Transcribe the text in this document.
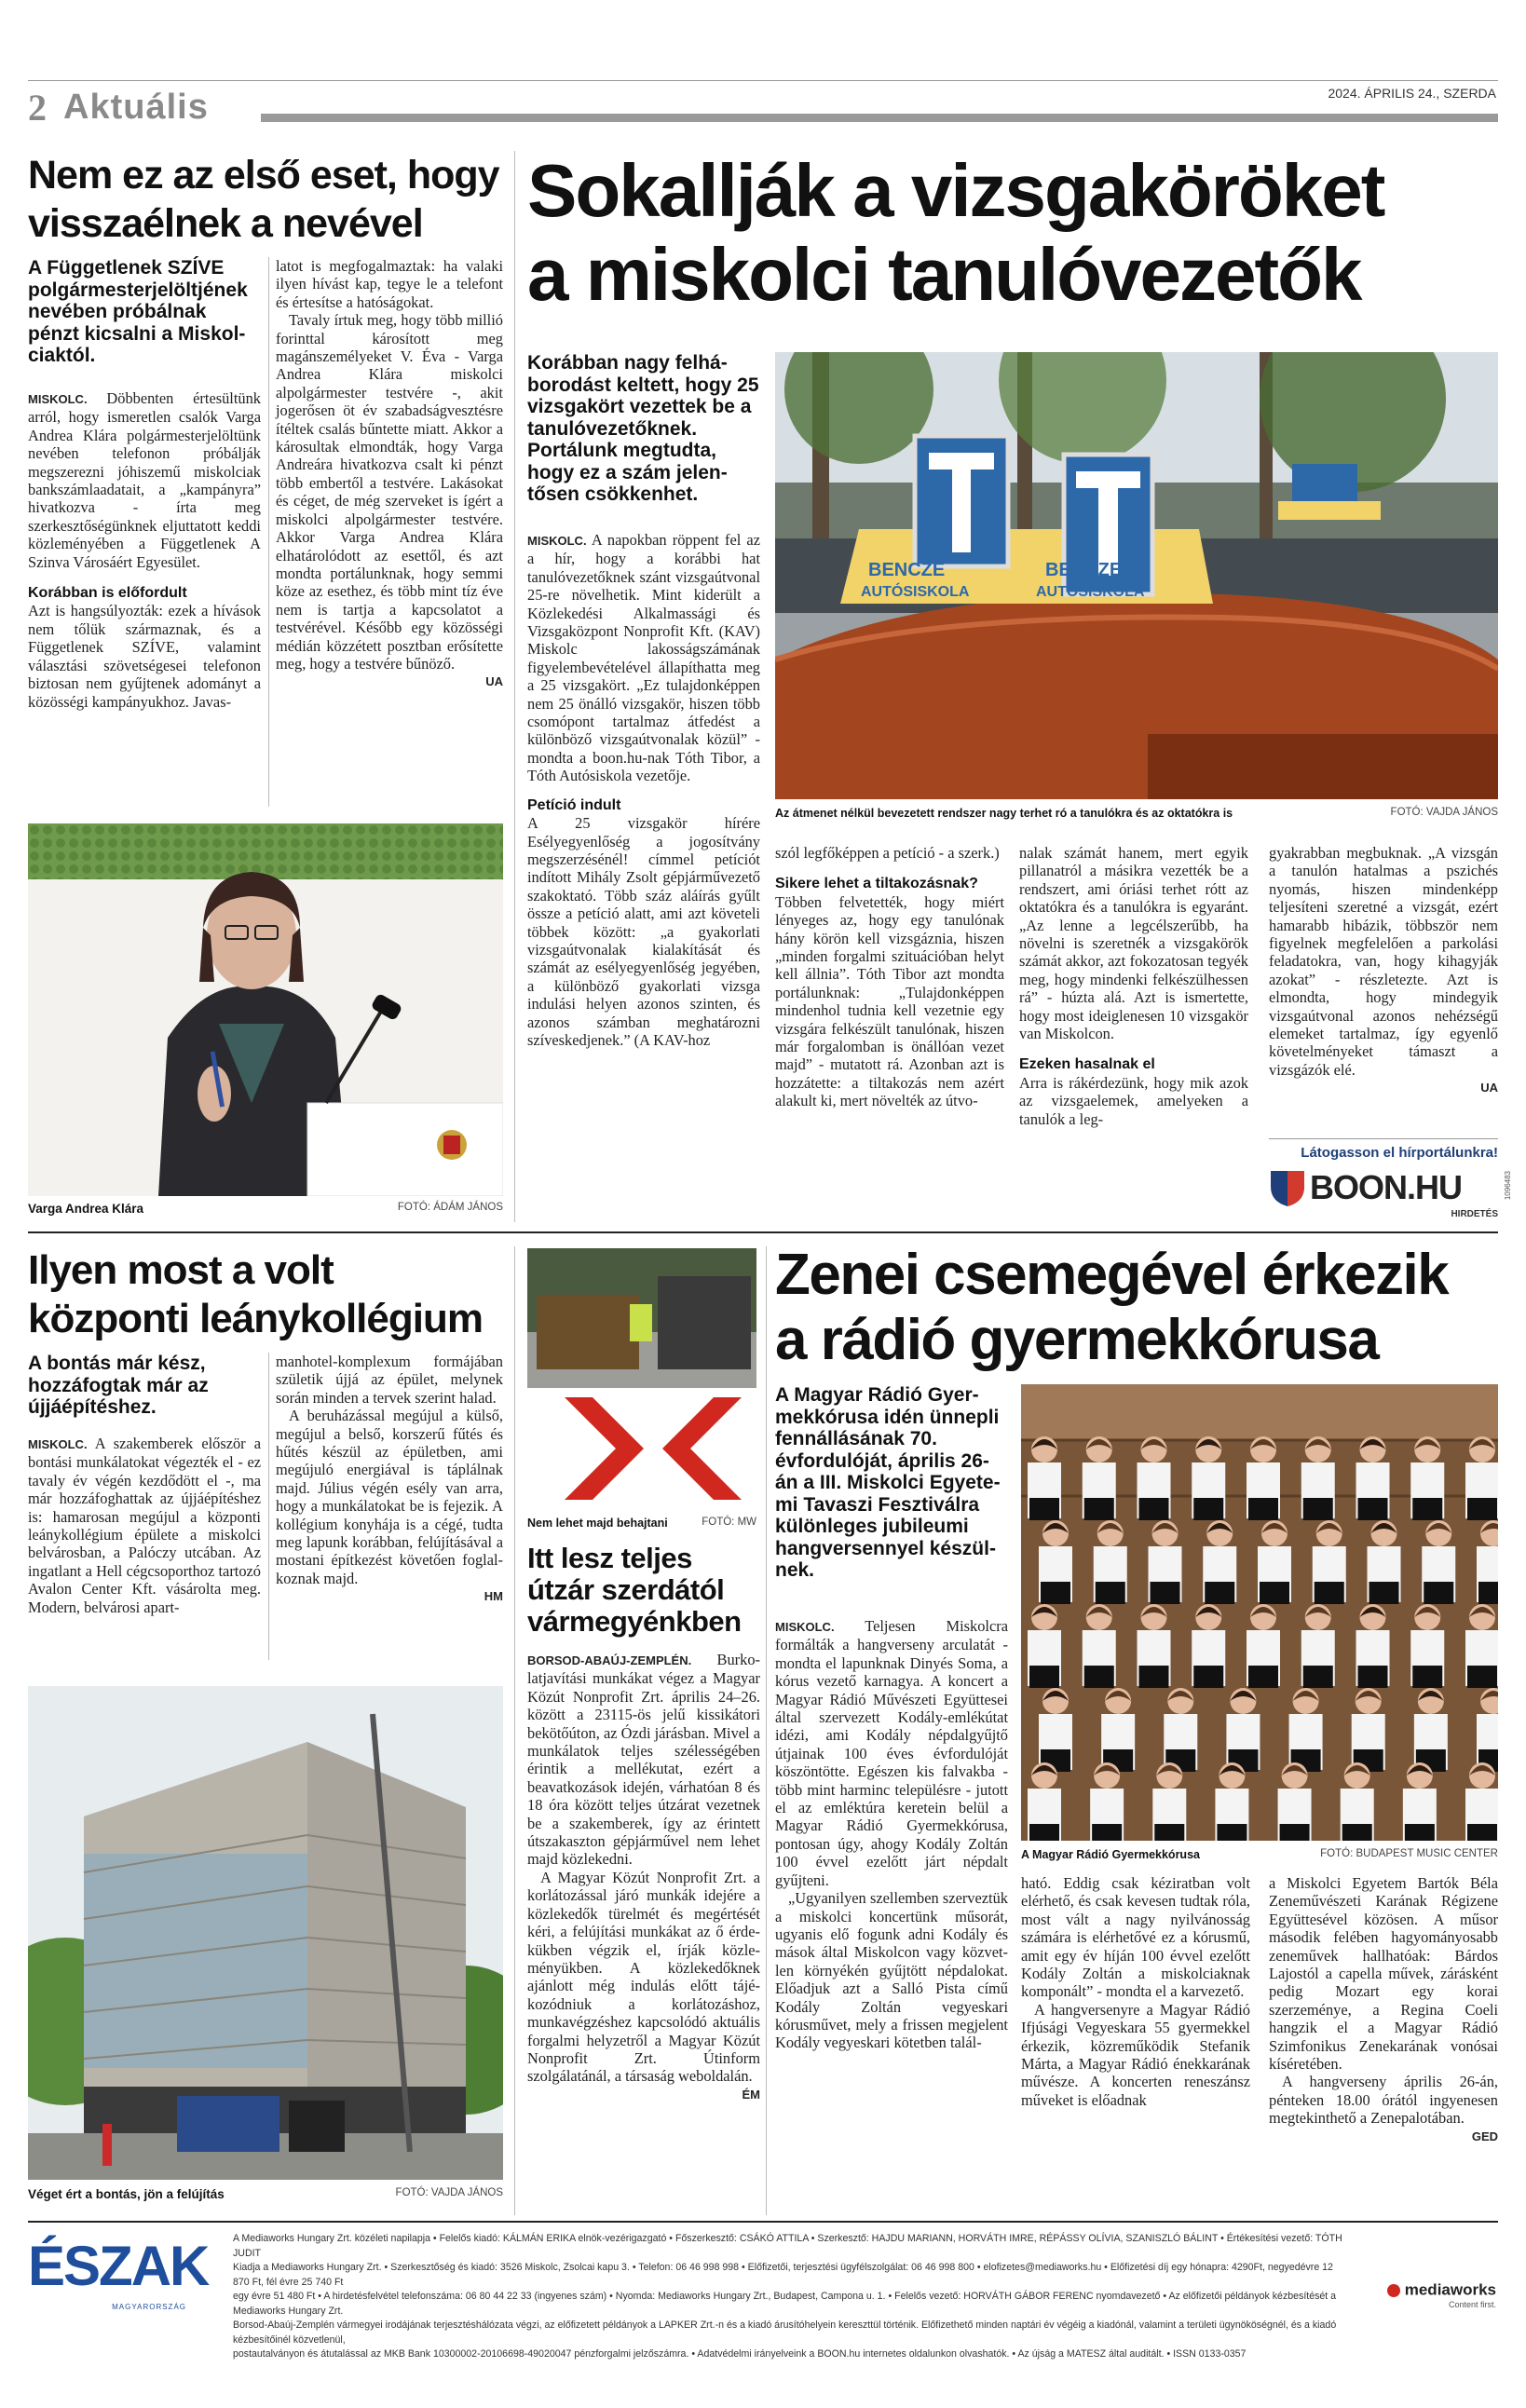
2 Aktuális	2024. ÁPRILIS 24., SZERDA
Nem ez az első eset, hogy
visszaélnek a nevével
A Függetlenek SZÍVE polgármesterjelöltjének nevében próbálnak pénzt kicsalni a Miskolciaktól.

MISKOLC. Döbbenten értesültünk arról, hogy ismeretlen csalók Varga Andrea Klára polgármesterjelöltünk nevében telefonon próbálják megszerezni jóhiszemű miskolciak bankszámlaadatait, a „kampányra” hivatkozva - írta meg szerkesztőségünknek eljuttatott keddi közleményében a Függetlenek A Szinva Városáért Egyesület.

Korábban is előfordult

Azt is hangsúlyozták: ezek a hívások nem tőlük származnak, és a Függetlenek SZÍVE, valamint választási szövetségesei telefonon biztosan nem gyűjtenek adományt a közösségi kampányukhoz. Javas-

latot is megfogalmaztak: ha valaki ilyen hívást kap, tegye le a telefont és értesítse a hatóságokat.

Tavaly írtuk meg, hogy több millió forinttal károsított meg magánszemélyeket V. Éva - Varga Andrea Klára miskolci alpolgármester testvére -, akit jogerősen öt év szabadságvesztésre ítéltek csalás bűntette miatt. Akkor a károsultak elmondták, hogy Varga Andreára hivatkozva csalt ki pénzt több embertől a testvére. Lakásokat és céget, de még szerveket is ígért a miskolci alpolgármester testvére. Akkor Varga Andrea Klára elhatárolódott az esettől, és azt mondta portálunknak, hogy semmi köze az esethez, és több mint tíz éve nem is tartja a kapcsolatot a testvérével. Később egy közösségi médián közzétett posztban erősítette meg, hogy a testvére bűnöző.

UA

Varga Andrea Klára	FOTÓ: ÁDÁM JÁNOS
Sokallják a vizsgaköröket
a miskolci tanulóvezetők
Korábban nagy felháborodást keltett, hogy 25 vizsgakört vezettek be a tanulóvezetőknek. Portálunk megtudta, hogy ez a szám jelentősen csökkenhet.

MISKOLC. A napokban röppent fel az a hír, hogy a korábbi hat tanulóvezetőknek szánt vizsgaútvonal 25-re növelhetik. Mint kiderült a Közlekedési Alkalmassági és Vizsgaközpont Nonprofit Kft. (KAV) Miskolc lakosságszámának figyelembevételével állapíthatta meg a 25 vizsgakört. „Ez tulajdonképpen nem 25 önálló vizsgakör, hiszen több csomópont tartalmaz átfedést a különböző vizsgaútvonalak közül” - mondta a boon.hu-nak Tóth Tibor, a Tóth Autósiskola vezetője.

Petíció indult

A 25 vizsgakör hírére Esélyegyenlőség a jogosítvány megszerzésénél! címmel petíciót indított Mihály Zsolt gépjárművezető szakoktató. Több száz aláírás gyűlt össze a petíció alatt, ami azt követeli többek között: „a gyakorlati vizsgaútvonalak kialakítását és számát az esélyegyenlőség jegyében, a különböző gyakorlati vizsga indulási helyen azonos szinten, és azonos számban meghatározni szíveskedjenek.” (A KAV-hoz

BENCZE
AUTÓSISKOLA
BENCZE
AUTÓSISKOLA
Az átmenet nélkül bevezetett rendszer nagy terhet ró a tanulókra és az oktatókra is	FOTÓ: VAJDA JÁNOS

szól legfőképpen a petíció - a szerk.)

Sikere lehet a tiltakozásnak?

Többen felvetették, hogy miért lényeges az, hogy egy tanulónak hány körön kell vizsgáznia, hiszen „minden forgalmi szituációban helyt kell állnia”. Tóth Tibor azt mondta portálunknak: „Tulajdonképpen mindenhol tudnia kell vezetnie egy vizsgára felkészült tanulónak, hiszen már forgalomban is önállóan vezet majd” - mutatott rá. Azonban azt is hozzátette: a tiltakozás nem azért alakult ki, mert növelték az útvo-

nalak számát hanem, mert egyik pillanatról a másikra vezették be a rendszert, ami óriási terhet rótt az oktatókra és a tanulókra is egyaránt. „Az lenne a legcélszerűbb, ha növelni is szeretnék a vizsgakörök számát akkor, azt fokozatosan tegyék meg, hogy mindenki felkészülhessen rá” - húzta alá. Azt is ismertette, hogy most ideiglenesen 10 vizsgakör van Miskolcon.

Ezeken hasalnak el

Arra is rákérdezünk, hogy mik azok az vizsgaelemek, amelyeken a tanulók a leg-

gyakrabban megbuknak. „A vizsgán a tanulón hatalmas a pszichés nyomás, hiszen mindenképp teljesíteni szeretné a vizsgát, ezért hamarabb hibázik, többször nem figyelnek megfelelően a parkolási feladatokra, van, hogy kihagyják azokat” - részletezte. Azt is elmondta, hogy mindegyik vizsgaútvonal azonos nehézségű elemeket tartalmaz, így egyenlő követelményeket támaszt a vizsgázók elé.

UA

Látogasson el hírportálunkra!
BOON.HU
HIRDETÉS
1096483
Ilyen most a volt
központi leánykollégium
A bontás már kész, hozzáfogtak már az újjáépítéshez.

MISKOLC. A szakemberek először a bontási munkálatokat végezték el - ez tavaly év végén kezdődött el -, ma már hozzáfoghattak az újjáépítéshez is: hamarosan megújul a központi leánykollégium épülete a miskolci belvárosban, a Palóczy utcában. Az ingatlant a Hell cégcsoporthoz tartozó Avalon Center Kft. vásárolta meg. Modern, belvárosi apart-

manhotel-komplexum formájában születik újjá az épület, melynek során minden a tervek szerint halad.

A beruházással megújul a külső, megújul a belső, korszerű fűtés és hűtés készül az épületben, ami megújuló energiával is táplálnak majd. Július végén esély van arra, hogy a munkálatokat be is fejezik. A kollégium konyhája is a cégé, tudta meg lapunk korábban, felújításával a mostani építkezést követően foglalkoznak majd.

HM

Véget ért a bontás, jön a felújítás	FOTÓ: VAJDA JÁNOS
Nem lehet majd behajtani	FOTÓ: MW
Itt lesz teljes
útzár szerdától
vármegyénkben

BORSOD-ABAÚJ-ZEMPLÉN. Burkolatjavítási munkákat végez a Magyar Közút Nonprofit Zrt. április 24–26. között a 23115-ös jelű kissikátori bekötőúton, az Ózdi járásban. Mivel a munkálatok teljes szélességében érintik a mellékutat, ezért a beavatkozások idején, várhatóan 8 és 18 óra között teljes útzárat vezetnek be a szakemberek, így az érintett útszakaszton gépjárművel nem lehet majd közlekedni.

A Magyar Közút Nonprofit Zrt. a korlátozással járó munkák idejére a közlekedők türelmét és megértését kéri, a felújítási munkákat az ő érdekükben végzik el, írják közleményükben. A közlekedőknek ajánlott még indulás előtt tájékozódniuk a korlátozáshoz, munkavégzéshez kapcsolódó aktuális forgalmi helyzetről a Magyar Közút Nonprofit Zrt. Útinform szolgálatánál, a társaság weboldalán.

ÉM

Zenei csemegével érkezik
a rádió gyermekkórusa
A Magyar Rádió Gyermekkórusa idén ünnepli fennállásának 70. évfordulóját, április 26-án a III. Miskolci Egyetemi Tavaszi Fesztiválra különleges jubileumi hangversennyel készülnek.

MISKOLC. Teljesen Miskolcra formálták a hangverseny arculatát - mondta el lapunknak Dinyés Soma, a kórus vezető karnagya. A koncert a Magyar Rádió Művészeti Együttesei által szervezett Kodály-emlékútat idézi, ami Kodály népdalgyűjtő útjainak 100 éves évfordulóját köszöntötte. Egészen kis falvakba - több mint harminc településre - jutott el az emléktúra keretein belül a Magyar Rádió Gyermekkórusa, pontosan úgy, ahogy Kodály Zoltán 100 évvel ezelőtt járt népdalt gyűjteni.

„Ugyanilyen szellemben szerveztük a miskolci koncertünk műsorát, ugyanis elő fogunk adni Kodály és mások által Miskolcon vagy közvetlen környékén gyűjtött népdalokat. Előadjuk azt a Salló Pista című Kodály Zoltán vegyeskari kórusművet, mely a frissen megjelent Kodály vegyeskari kötetben talál-

A Magyar Rádió Gyermekkórusa	FOTÓ: BUDAPEST MUSIC CENTER

ható. Eddig csak kéziratban volt elérhető, és csak kevesen tudtak róla, most vált a nagy nyilvánosság számára is elérhetővé ez a kórusmű, amit egy év híján 100 évvel ezelőtt Kodály Zoltán a miskolciaknak komponált” - mondta el a karvezető.

A hangversenyre a Magyar Rádió Ifjúsági Vegyeskara 55 gyermekkel érkezik, közreműködik Stefanik Márta, a Magyar Rádió énekkarának művésze. A koncerten reneszánsz műveket is előadnak

a Miskolci Egyetem Bartók Béla Zeneművészeti Karának Régizene Együttesével közösen. A műsor második felében hagyományosabb zeneművek hallhatóak: Bárdos Lajostól a capella művek, zárásként pedig Mozart egy korai szerzeménye, a Regina Coeli hangzik el a Magyar Rádió Szimfonikus Zenekarának vonósai kíséretében.

A hangverseny április 26-án, pénteken 18.00 órától ingyenesen megtekinthető a Zenepalotában.

GED

ÉSZAK
MAGYARORSZÁG
A Mediaworks Hungary Zrt. közéleti napilapja • Felelős kiadó: KÁLMÁN ERIKA elnök-vezérigazgató • Főszerkesztő: CSÁKÓ ATTILA • Szerkesztő: HAJDU MARIANN, HORVÁTH IMRE, RÉPÁSSY OLÍVIA, SZANISZLÓ BÁLINT • Értékesítési vezető: TÓTH JUDIT
Kiadja a Mediaworks Hungary Zrt. • Szerkesztőség és kiadó: 3526 Miskolc, Zsolcai kapu 3. • Telefon: 06 46 998 998 • Előfizetői, terjesztési ügyfélszolgálat: 06 46 998 800 • elofizetes@mediaworks.hu • Előfizetési díj egy hónapra: 4290Ft, negyedévre 12 870 Ft, fél évre 25 740 Ft
egy évre 51 480 Ft • A hirdetésfelvétel telefonszáma: 06 80 44 22 33 (ingyenes szám) • Nyomda: Mediaworks Hungary Zrt., Budapest, Campona u. 1. • Felelős vezető: HORVÁTH GÁBOR FERENC nyomdavezető • Az előfizetői példányok kézbesítését a Mediaworks Hungary Zrt.
Borsod-Abaúj-Zemplén vármegyei irodájának terjesztéshálózata végzi, az előfizetett példányok a LAPKER Zrt.-n és a kiadó árusítóhelyein kereszttül történik. Előfizethető minden naptári év végéig a kiadónál, valamint a területi ügynököségnél, és a kiadó kézbesítőinél közvetlenül,
postautalványon és átutalással az MKB Bank 10300002-20106698-49020047 pénzforgalmi jelzőszámra. • Adatvédelmi irányelveink a BOON.hu internetes oldalunkon olvashatók. • Az újság a MATESZ által auditált. • ISSN 0133-0357
mediaworks
Content first.
